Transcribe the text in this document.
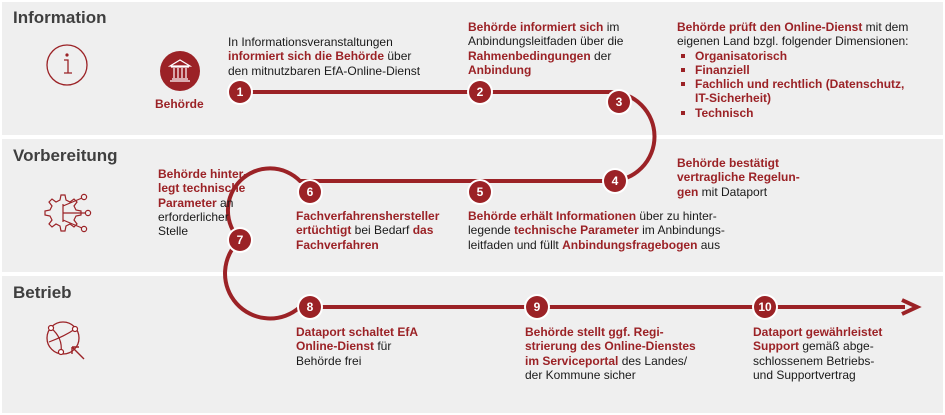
Information
Vorbereitung
Betrieb
Behörde
1	2
3
4
5
6
7
8	9	10
In Informationsveranstaltungen
informiert sich die Behörde über
den mitnutzbaren EfA-Online-Dienst
Behörde informiert sich im
Anbindungsleitfaden über die
Rahmenbedingungen der
Anbindung
Behörde prüft den Online-Dienst mit dem
eigenen Land bzgl. folgender Dimensionen:
Organisatorisch
Finanziell
Fachlich und rechtlich (Datenschutz,
IT-Sicherheit)
Technisch
Behörde bestätigt
vertragliche Regelun-
gen mit Dataport
Behörde erhält Informationen über zu hinter-
legende technische Parameter im Anbindungs-
leitfaden und füllt Anbindungsfragebogen aus
Fachverfahrenshersteller
ertüchtigt bei Bedarf das
Fachverfahren
Behörde hinter-
legt technische
Parameter an
erforderlicher
Stelle
Dataport schaltet EfA
Online-Dienst für
Behörde frei
Behörde stellt ggf. Regi-
strierung des Online-Dienstes
im Serviceportal des Landes/
der Kommune sicher
Dataport gewährleistet
Support gemäß abge-
schlossenem Betriebs-
und Supportvertrag
